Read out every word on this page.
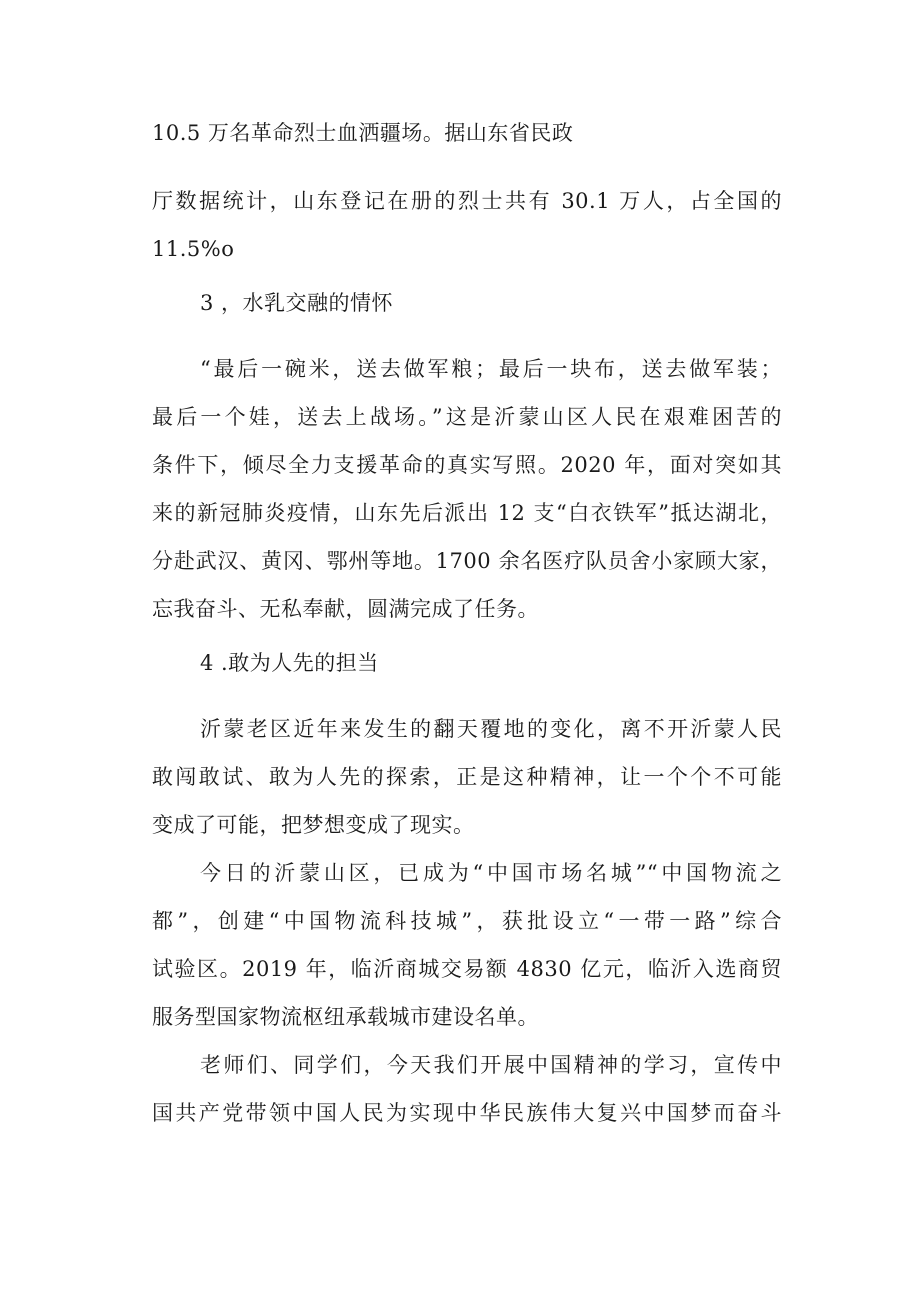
10.5 万名革命烈士血洒疆场。据山东省民政
厅数据统计，山东登记在册的烈士共有 30.1 万人，占全国的
11.5%o
3 ，水乳交融的情怀
“最后一碗米，送去做军粮；最后一块布，送去做军装；
最后一个娃，送去上战场。”这是沂蒙山区人民在艰难困苦的
条件下，倾尽全力支援革命的真实写照。2020 年，面对突如其
来的新冠肺炎疫情，山东先后派出 12 支“白衣铁军”抵达湖北，
分赴武汉、黄冈、鄂州等地。1700 余名医疗队员舍小家顾大家，
忘我奋斗、无私奉献，圆满完成了任务。
4 .敢为人先的担当
沂蒙老区近年来发生的翻天覆地的变化，离不开沂蒙人民
敢闯敢试、敢为人先的探索，正是这种精神，让一个个不可能
变成了可能，把梦想变成了现实。
今日的沂蒙山区，已成为“中国市场名城”“中国物流之
都”，创建“中国物流科技城”，获批设立“一带一路”综合
试验区。2019 年，临沂商城交易额 4830 亿元，临沂入选商贸
服务型国家物流枢纽承载城市建设名单。
老师们、同学们，今天我们开展中国精神的学习，宣传中
国共产党带领中国人民为实现中华民族伟大复兴中国梦而奋斗
